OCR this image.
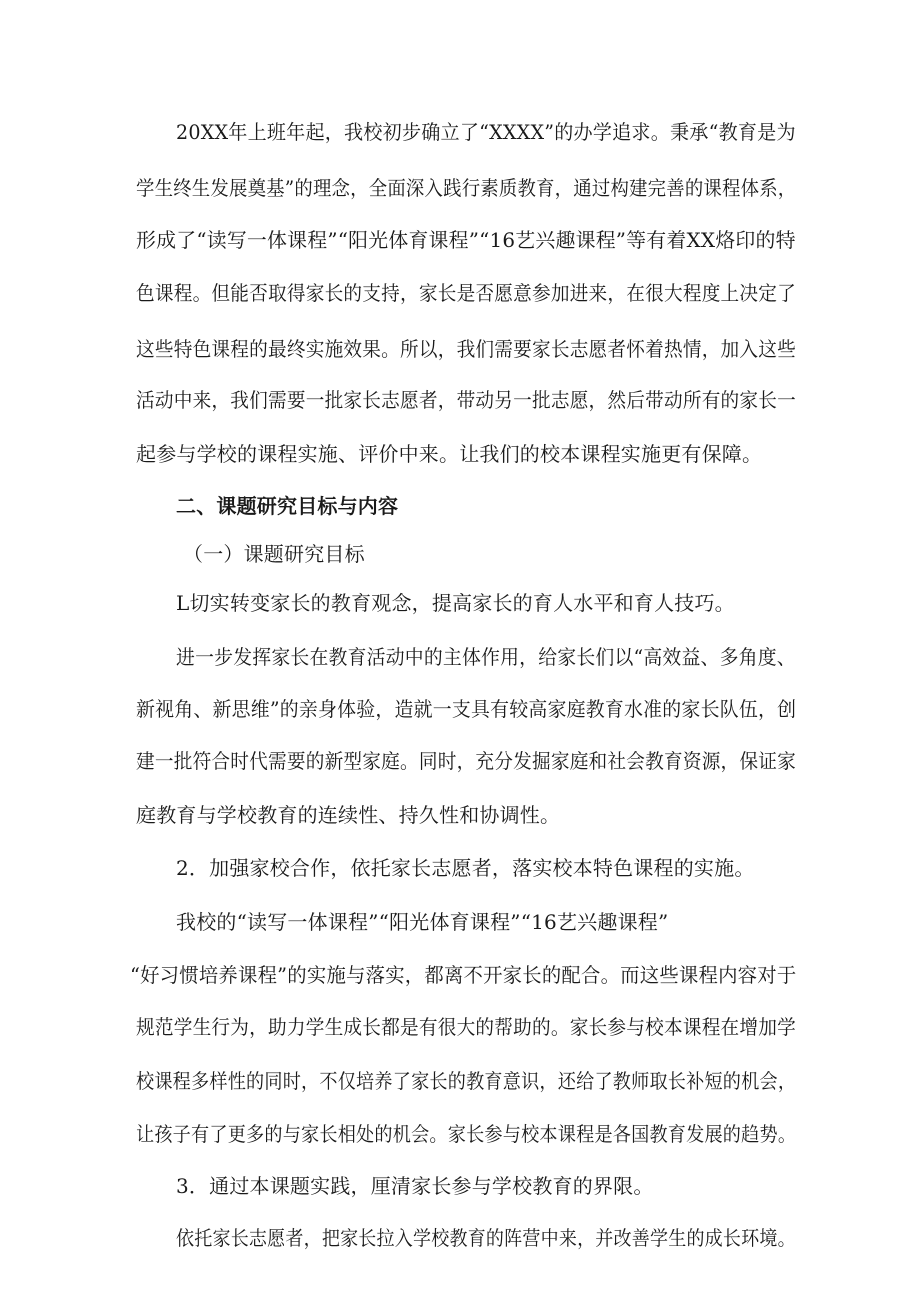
20XX年上班年起，我校初步确立了“XXXX”的办学追求。秉承“教育是为
学生终生发展奠基”的理念，全面深入践行素质教育，通过构建完善的课程体系，
形成了“读写一体课程”“阳光体育课程”“16艺兴趣课程”等有着XX烙印的特
色课程。但能否取得家长的支持，家长是否愿意参加进来，在很大程度上决定了
这些特色课程的最终实施效果。所以，我们需要家长志愿者怀着热情，加入这些
活动中来，我们需要一批家长志愿者，带动另一批志愿，然后带动所有的家长一
起参与学校的课程实施、评价中来。让我们的校本课程实施更有保障。
二、课题研究目标与内容
（一）课题研究目标
L切实转变家长的教育观念，提高家长的育人水平和育人技巧。
进一步发挥家长在教育活动中的主体作用，给家长们以“高效益、多角度、
新视角、新思维”的亲身体验，造就一支具有较高家庭教育水准的家长队伍，创
建一批符合时代需要的新型家庭。同时，充分发掘家庭和社会教育资源，保证家
庭教育与学校教育的连续性、持久性和协调性。
2．加强家校合作，依托家长志愿者，落实校本特色课程的实施。
我校的“读写一体课程”“阳光体育课程”“16艺兴趣课程”
“好习惯培养课程”的实施与落实，都离不开家长的配合。而这些课程内容对于
规范学生行为，助力学生成长都是有很大的帮助的。家长参与校本课程在增加学
校课程多样性的同时，不仅培养了家长的教育意识，还给了教师取长补短的机会，
让孩子有了更多的与家长相处的机会。家长参与校本课程是各国教育发展的趋势。
3．通过本课题实践，厘清家长参与学校教育的界限。
依托家长志愿者，把家长拉入学校教育的阵营中来，并改善学生的成长环境。
